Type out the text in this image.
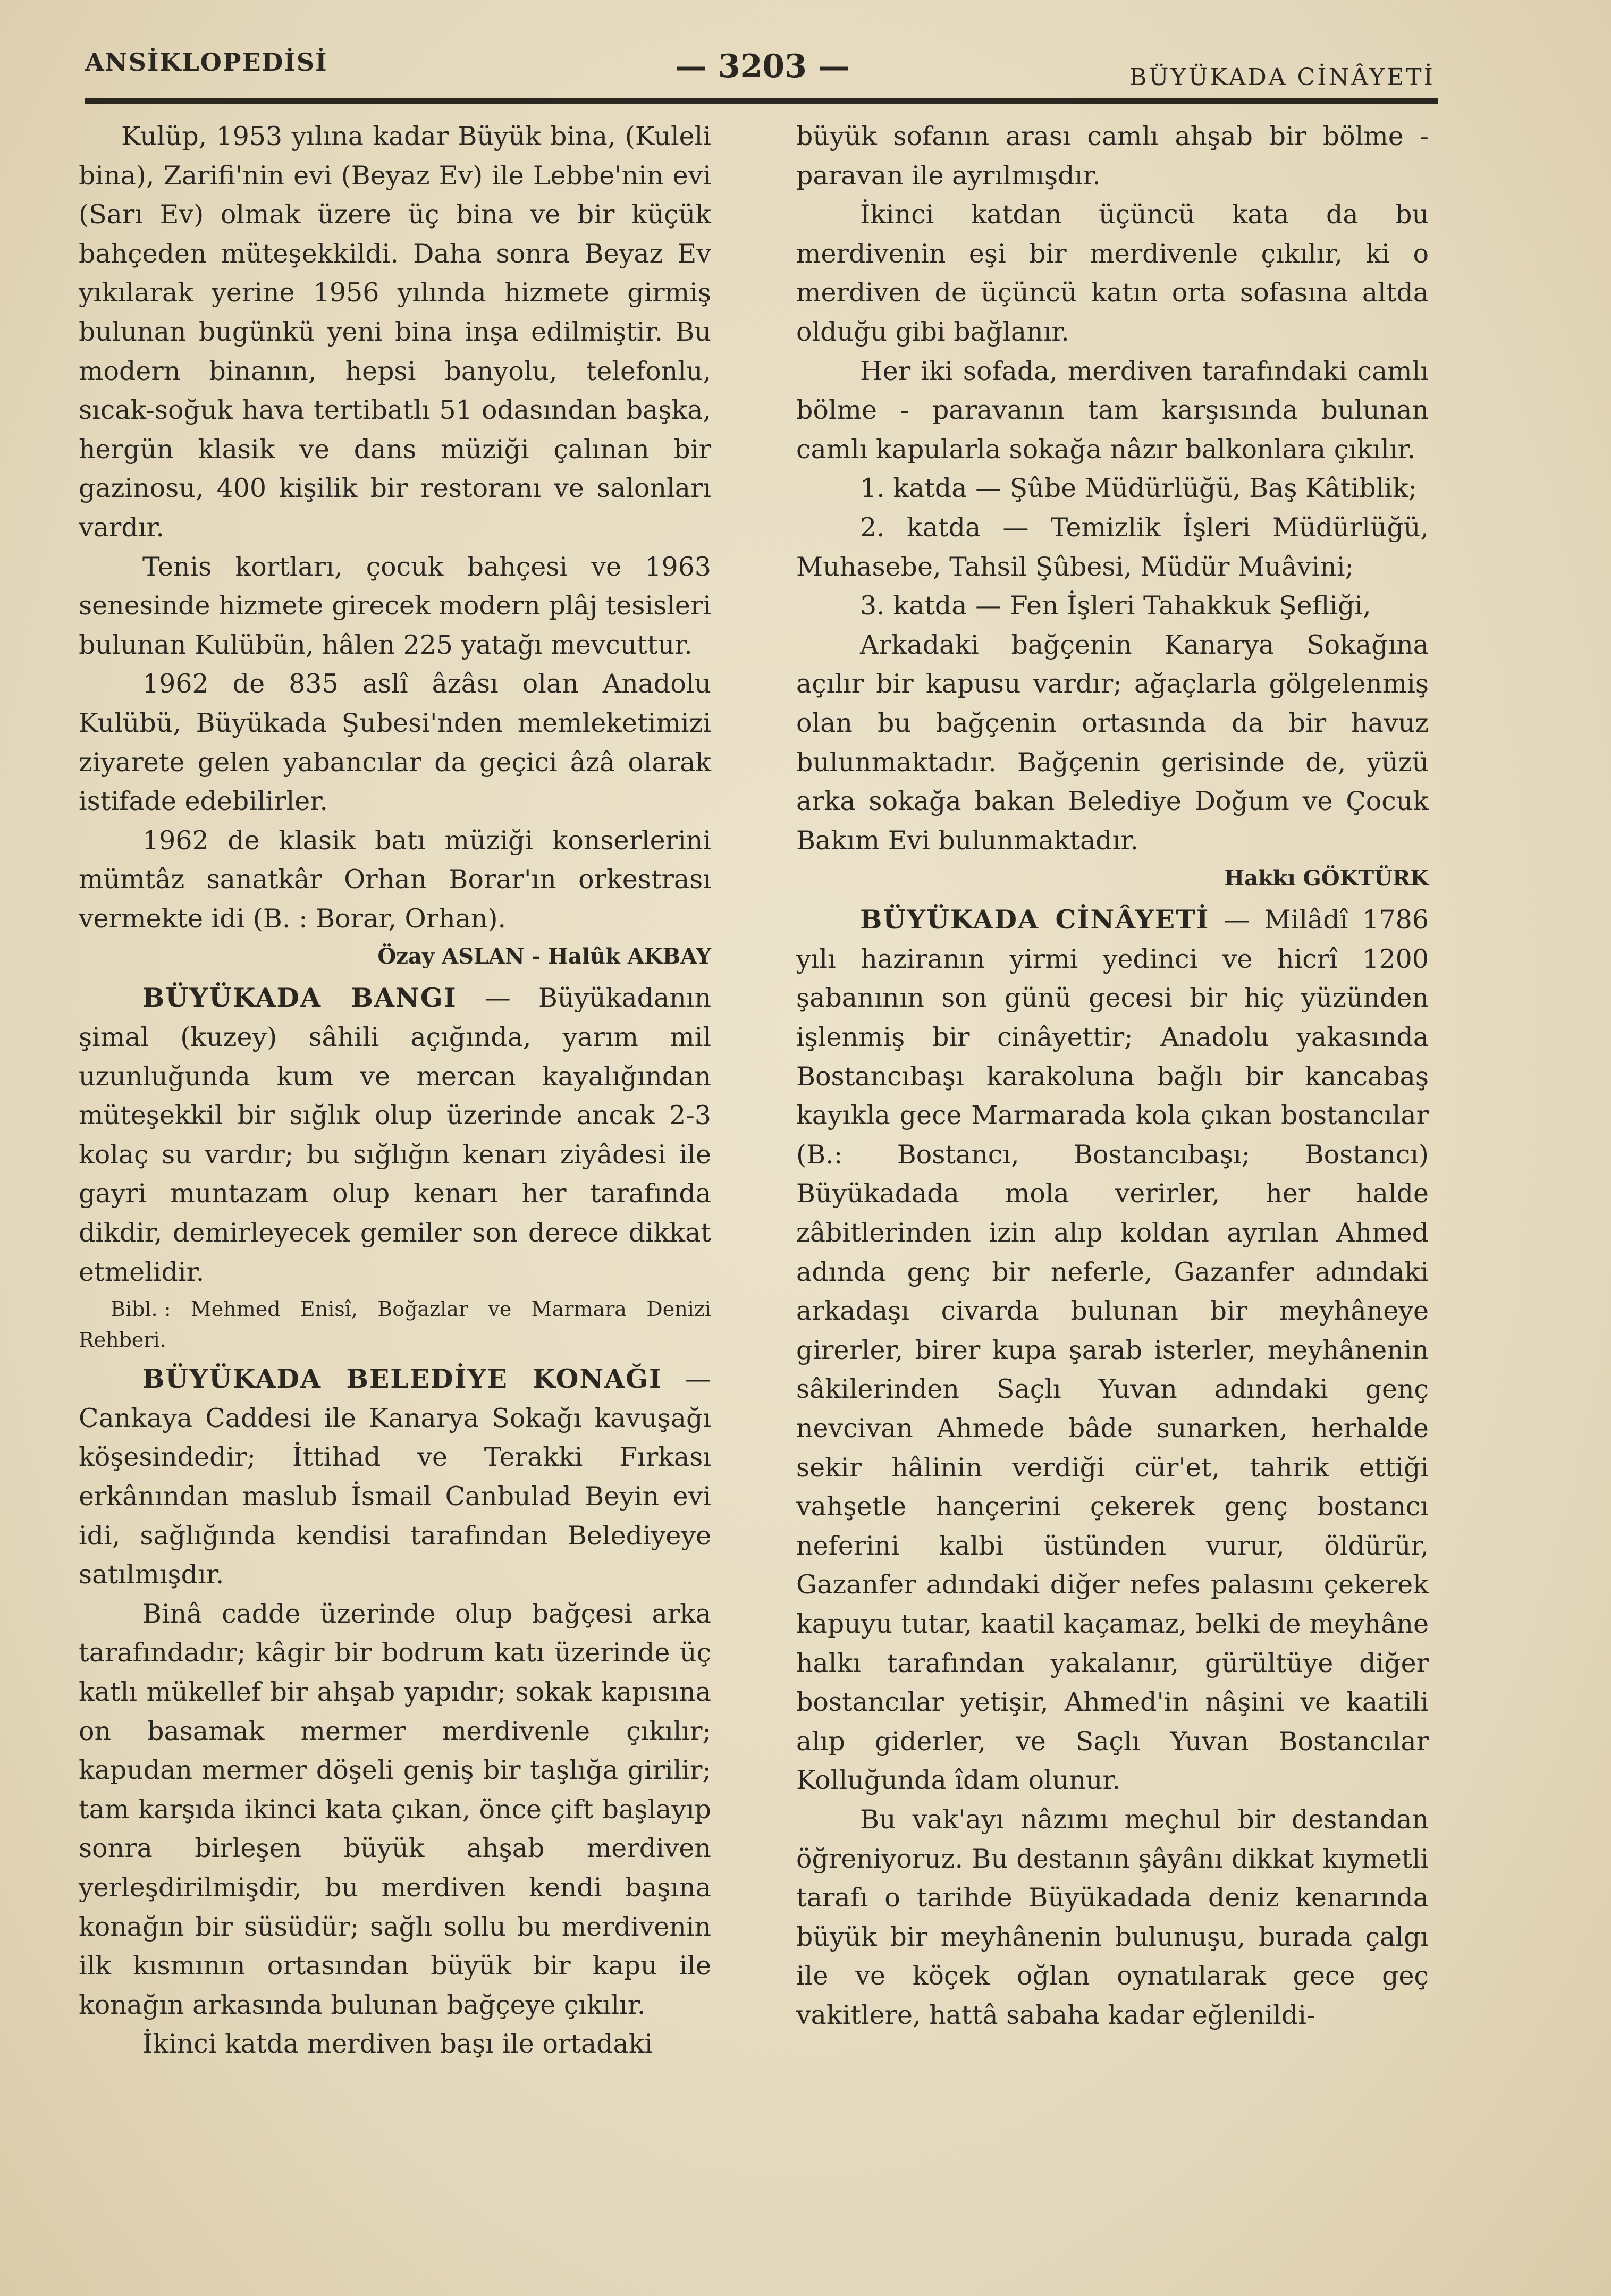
ANSİKLOPEDİSİ	— 3203 —	BÜYÜKADA CİNÂYETİ

Kulüp, 1953 yılına kadar Büyük bina, (Kuleli bina), Zarifi'nin evi (Beyaz Ev) ile Lebbe'nin evi (Sarı Ev) olmak üzere üç bina ve bir küçük bahçeden müteşekkildi. Daha sonra Beyaz Ev yıkılarak yerine 1956 yılında hizmete girmiş bulunan bugünkü yeni bina inşa edilmiştir. Bu modern binanın, hepsi banyolu, telefonlu, sıcak-soğuk hava tertibatlı 51 odasından başka, hergün klasik ve dans müziği çalınan bir gazinosu, 400 kişilik bir restoranı ve salonları vardır.

Tenis kortları, çocuk bahçesi ve 1963 senesinde hizmete girecek modern plâj tesisleri bulunan Kulübün, hâlen 225 yatağı mevcuttur.

1962 de 835 aslî âzâsı olan Anadolu Kulübü, Büyükada Şubesi'nden memleketimizi ziyarete gelen yabancılar da geçici âzâ olarak istifade edebilirler.

1962 de klasik batı müziği konserlerini mümtâz sanatkâr Orhan Borar'ın orkestrası vermekte idi (B. : Borar, Orhan).

Özay ASLAN - Halûk AKBAY

BÜYÜKADA BANGI — Büyükadanın şimal (kuzey) sâhili açığında, yarım mil uzunluğunda kum ve mercan kayalığından müteşekkil bir sığlık olup üzerinde ancak 2-3 kolaç su vardır; bu sığlığın kenarı ziyâdesi ile gayri muntazam olup kenarı her tarafında dikdir, demirleyecek gemiler son derece dikkat etmelidir.

Bibl. : Mehmed Enisî, Boğazlar ve Marmara Denizi Rehberi.

BÜYÜKADA BELEDİYE KONAĞI — Cankaya Caddesi ile Kanarya Sokağı kavuşağı köşesindedir; İttihad ve Terakki Fırkası erkânından maslub İsmail Canbulad Beyin evi idi, sağlığında kendisi tarafından Belediyeye satılmışdır.

Binâ cadde üzerinde olup bağçesi arka tarafındadır; kâgir bir bodrum katı üzerinde üç katlı mükellef bir ahşab yapıdır; sokak kapısına on basamak mermer merdivenle çıkılır; kapudan mermer döşeli geniş bir taşlığa girilir; tam karşıda ikinci kata çıkan, önce çift başlayıp sonra birleşen büyük ahşab merdiven yerleşdirilmişdir, bu merdiven kendi başına konağın bir süsüdür; sağlı sollu bu merdivenin ilk kısmının ortasından büyük bir kapu ile konağın arkasında bulunan bağçeye çıkılır.

İkinci katda merdiven başı ile ortadaki

büyük sofanın arası camlı ahşab bir bölme - paravan ile ayrılmışdır.

İkinci katdan üçüncü kata da bu merdivenin eşi bir merdivenle çıkılır, ki o merdiven de üçüncü katın orta sofasına altda olduğu gibi bağlanır.

Her iki sofada, merdiven tarafındaki camlı bölme - paravanın tam karşısında bulunan camlı kapularla sokağa nâzır balkonlara çıkılır.

1. katda — Şûbe Müdürlüğü, Baş Kâtiblik;

2. katda — Temizlik İşleri Müdürlüğü, Muhasebe, Tahsil Şûbesi, Müdür Muâvini;

3. katda — Fen İşleri Tahakkuk Şefliği,

Arkadaki bağçenin Kanarya Sokağına açılır bir kapusu vardır; ağaçlarla gölgelenmiş olan bu bağçenin ortasında da bir havuz bulunmaktadır. Bağçenin gerisinde de, yüzü arka sokağa bakan Belediye Doğum ve Çocuk Bakım Evi bulunmaktadır.

Hakkı GÖKTÜRK

BÜYÜKADA CİNÂYETİ — Milâdî 1786 yılı haziranın yirmi yedinci ve hicrî 1200 şabanının son günü gecesi bir hiç yüzünden işlenmiş bir cinâyettir; Anadolu yakasında Bostancıbaşı karakoluna bağlı bir kancabaş kayıkla gece Marmarada kola çıkan bostancılar (B.: Bostancı, Bostancıbaşı; Bostancı) Büyükadada mola verirler, her halde zâbitlerinden izin alıp koldan ayrılan Ahmed adında genç bir neferle, Gazanfer adındaki arkadaşı civarda bulunan bir meyhâneye girerler, birer kupa şarab isterler, meyhânenin sâkilerinden Saçlı Yuvan adındaki genç nevcivan Ahmede bâde sunarken, herhalde sekir hâlinin verdiği cür'et, tahrik ettiği vahşetle hançerini çekerek genç bostancı neferini kalbi üstünden vurur, öldürür, Gazanfer adındaki diğer nefes palasını çekerek kapuyu tutar, kaatil kaçamaz, belki de meyhâne halkı tarafından yakalanır, gürültüye diğer bostancılar yetişir, Ahmed'in nâşini ve kaatili alıp giderler, ve Saçlı Yuvan Bostancılar Kolluğunda îdam olunur.

Bu vak'ayı nâzımı meçhul bir destandan öğreniyoruz. Bu destanın şâyânı dikkat kıymetli tarafı o tarihde Büyükadada deniz kenarında büyük bir meyhânenin bulunuşu, burada çalgı ile ve köçek oğlan oynatılarak gece geç vakitlere, hattâ sabaha kadar eğlenildi-
